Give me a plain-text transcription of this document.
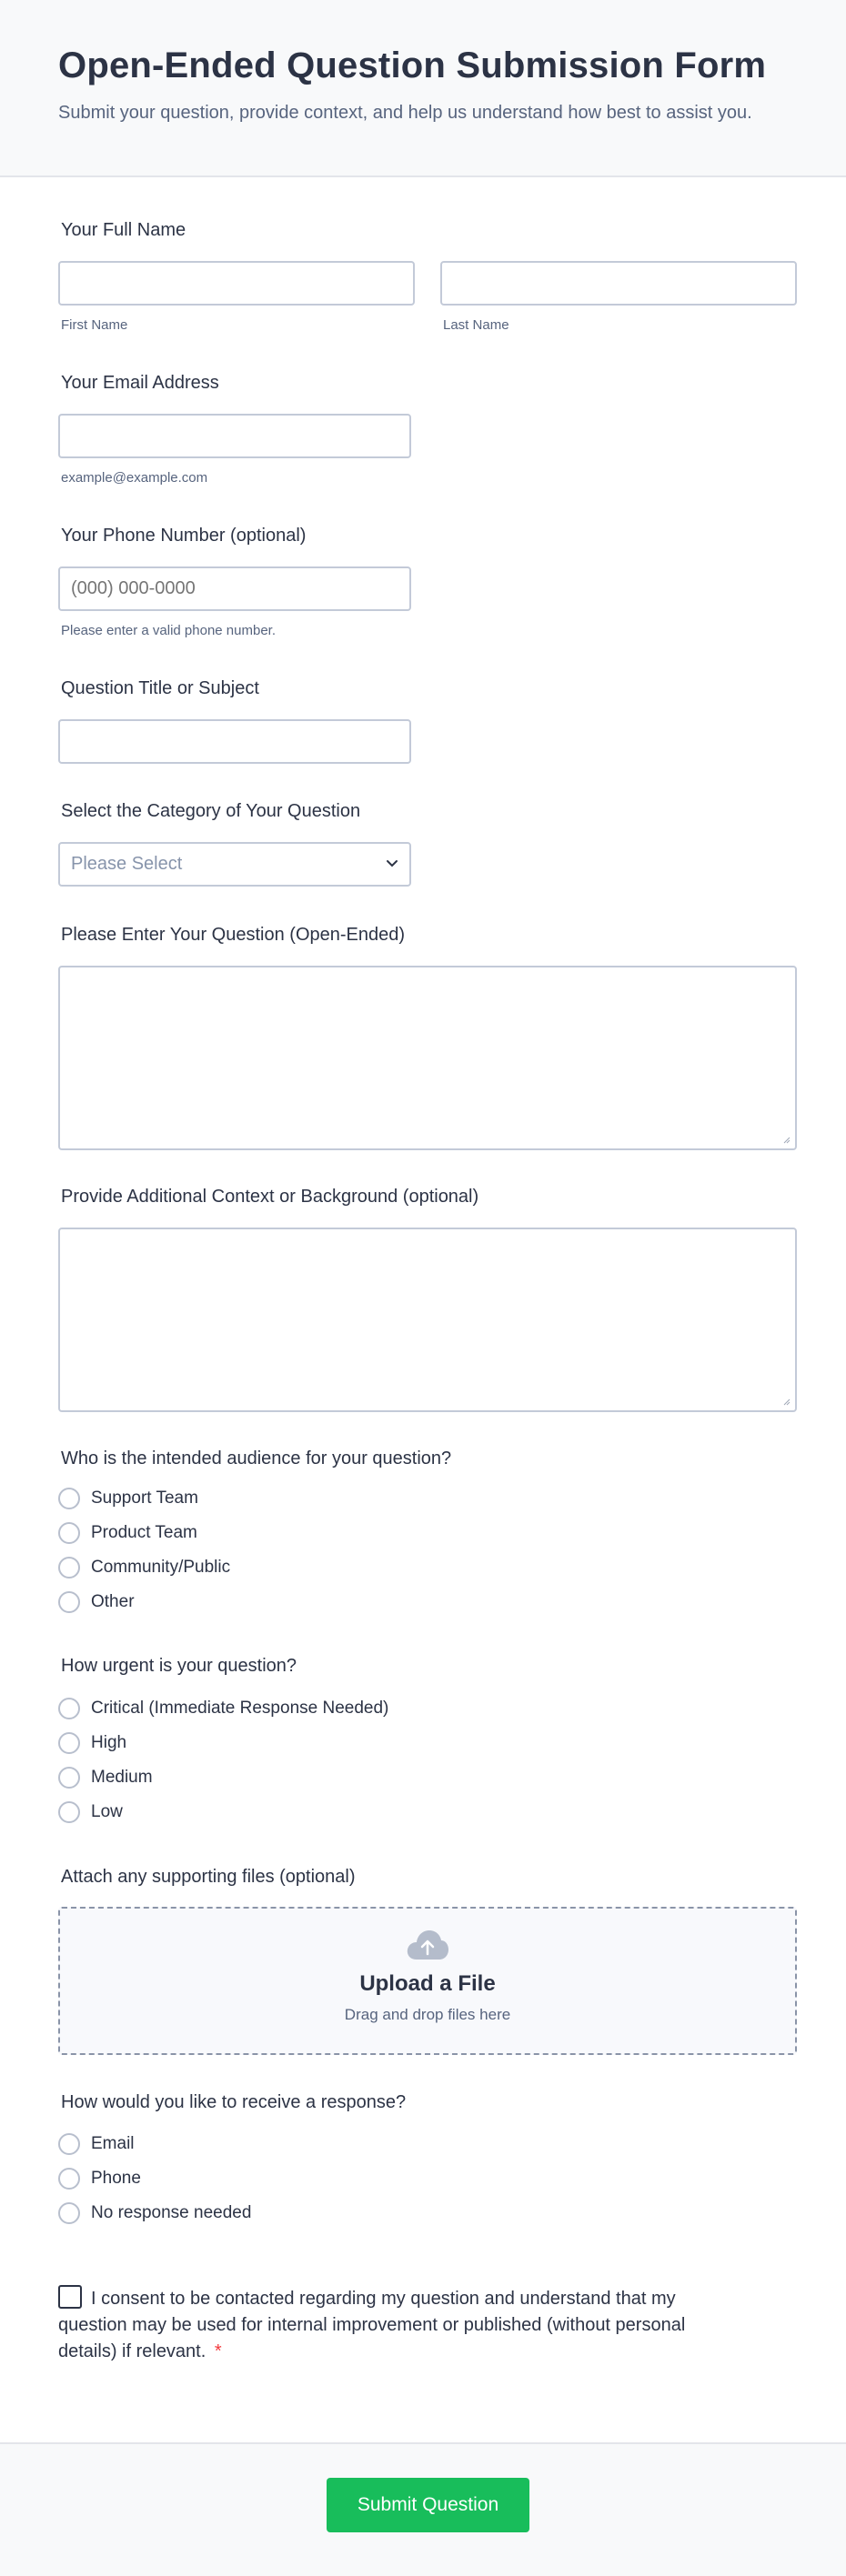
Open-Ended Question Submission Form

Submit your question, provide context, and help us understand how best to assist you.

Your Full Name
First Name	Last Name
Your Email Address
example@example.com
Your Phone Number (optional)
(000) 000-0000
Please enter a valid phone number.
Question Title or Subject
Select the Category of Your Question
Please Select
Please Enter Your Question (Open-Ended)
Provide Additional Context or Background (optional)
Who is the intended audience for your question?
Support Team
Product Team
Community/Public
Other
How urgent is your question?
Critical (Immediate Response Needed)
High
Medium
Low
Attach any supporting files (optional)
Upload a File
Drag and drop files here
How would you like to receive a response?
Email
Phone
No response needed
I consent to be contacted regarding my question and understand that my question may be used for internal improvement or published (without personal details) if relevant. *
Submit Question
